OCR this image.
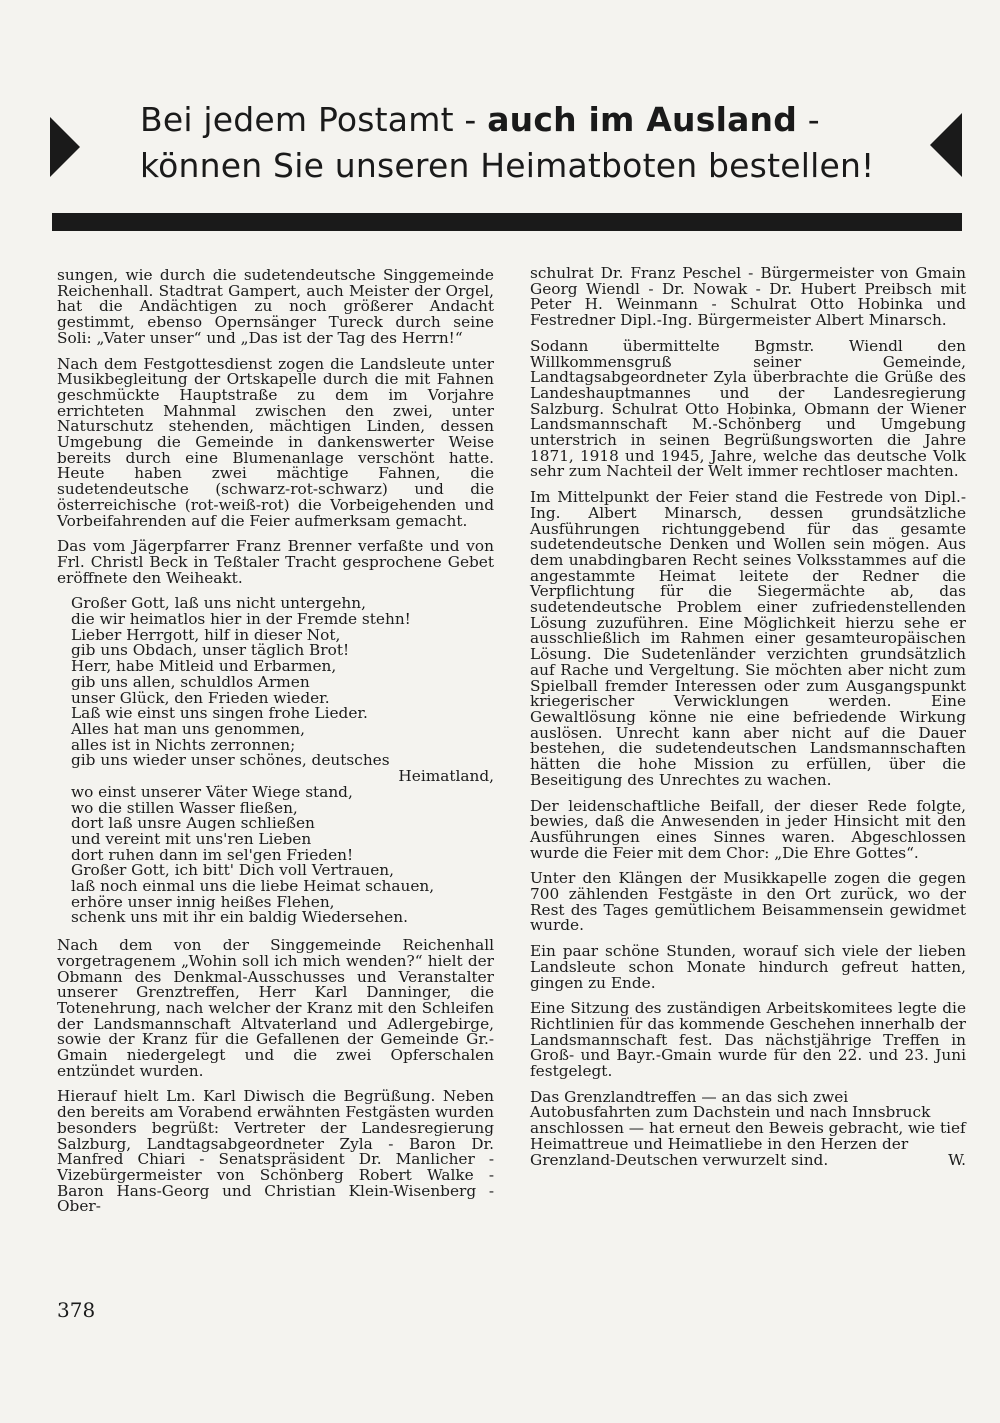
Bei jedem Postamt - auch im Ausland -
können Sie unseren Heimatboten bestellen!

sungen, wie durch die sudetendeutsche Singgemeinde Reichenhall. Stadtrat Gampert, auch Meister der Orgel, hat die Andächtigen zu noch größerer Andacht gestimmt, ebenso Opernsänger Tureck durch seine Soli: „Vater unser“ und „Das ist der Tag des Herrn!“

Nach dem Festgottesdienst zogen die Landsleute unter Musikbegleitung der Ortskapelle durch die mit Fahnen geschmückte Hauptstraße zu dem im Vorjahre errichteten Mahnmal zwischen den zwei, unter Naturschutz stehenden, mächtigen Linden, dessen Umgebung die Gemeinde in dankenswerter Weise bereits durch eine Blumenanlage verschönt hatte. Heute haben zwei mächtige Fahnen, die sudetendeutsche (schwarz-rot-schwarz) und die österreichische (rot-weiß-rot) die Vorbeigehenden und Vorbeifahrenden auf die Feier aufmerksam gemacht.

Das vom Jägerpfarrer Franz Brenner verfaßte und von Frl. Christl Beck in Teßtaler Tracht gesprochene Gebet eröffnete den Weiheakt.

Großer Gott, laß uns nicht untergehn,
die wir heimatlos hier in der Fremde stehn!
Lieber Herrgott, hilf in dieser Not,
gib uns Obdach, unser täglich Brot!
Herr, habe Mitleid und Erbarmen,
gib uns allen, schuldlos Armen
unser Glück, den Frieden wieder.
Laß wie einst uns singen frohe Lieder.
Alles hat man uns genommen,
alles ist in Nichts zerronnen;
gib uns wieder unser schönes, deutsches
Heimatland,
wo einst unserer Väter Wiege stand,
wo die stillen Wasser fließen,
dort laß unsre Augen schließen
und vereint mit uns'ren Lieben
dort ruhen dann im sel'gen Frieden!
Großer Gott, ich bitt' Dich voll Vertrauen,
laß noch einmal uns die liebe Heimat schauen,
erhöre unser innig heißes Flehen,
schenk uns mit ihr ein baldig Wiedersehen.

Nach dem von der Singgemeinde Reichenhall vorgetragenem „Wohin soll ich mich wenden?“ hielt der Obmann des Denkmal-Ausschusses und Veranstalter unserer Grenztreffen, Herr Karl Danninger, die Totenehrung, nach welcher der Kranz mit den Schleifen der Landsmannschaft Altvaterland und Adlergebirge, sowie der Kranz für die Gefallenen der Gemeinde Gr.-Gmain niedergelegt und die zwei Opferschalen entzündet wurden.

Hierauf hielt Lm. Karl Diwisch die Begrüßung. Neben den bereits am Vorabend erwähnten Festgästen wurden besonders begrüßt: Vertreter der Landesregierung Salzburg, Landtagsabgeordneter Zyla - Baron Dr. Manfred Chiari - Senatspräsident Dr. Manlicher - Vizebürgermeister von Schönberg Robert Walke - Baron Hans-Georg und Christian Klein-Wisenberg - Ober-

schulrat Dr. Franz Peschel - Bürgermeister von Gmain Georg Wiendl - Dr. Nowak - Dr. Hubert Preibsch mit Peter H. Weinmann - Schulrat Otto Hobinka und Festredner Dipl.-Ing. Bürgermeister Albert Minarsch.

Sodann übermittelte Bgmstr. Wiendl den Willkommensgruß seiner Gemeinde, Landtagsabgeordneter Zyla überbrachte die Grüße des Landeshauptmannes und der Landesregierung Salzburg. Schulrat Otto Hobinka, Obmann der Wiener Landsmannschaft M.-Schönberg und Umgebung unterstrich in seinen Begrüßungsworten die Jahre 1871, 1918 und 1945, Jahre, welche das deutsche Volk sehr zum Nachteil der Welt immer rechtloser machten.

Im Mittelpunkt der Feier stand die Festrede von Dipl.-Ing. Albert Minarsch, dessen grundsätzliche Ausführungen richtunggebend für das gesamte sudetendeutsche Denken und Wollen sein mögen. Aus dem unabdingbaren Recht seines Volksstammes auf die angestammte Heimat leitete der Redner die Verpflichtung für die Siegermächte ab, das sudetendeutsche Problem einer zufriedenstellenden Lösung zuzuführen. Eine Möglichkeit hierzu sehe er ausschließlich im Rahmen einer gesamteuropäischen Lösung. Die Sudetenländer verzichten grundsätzlich auf Rache und Vergeltung. Sie möchten aber nicht zum Spielball fremder Interessen oder zum Ausgangspunkt kriegerischer Verwicklungen werden. Eine Gewaltlösung könne nie eine befriedende Wirkung auslösen. Unrecht kann aber nicht auf die Dauer bestehen, die sudetendeutschen Landsmannschaften hätten die hohe Mission zu erfüllen, über die Beseitigung des Unrechtes zu wachen.

Der leidenschaftliche Beifall, der dieser Rede folgte, bewies, daß die Anwesenden in jeder Hinsicht mit den Ausführungen eines Sinnes waren. Abgeschlossen wurde die Feier mit dem Chor: „Die Ehre Gottes“.

Unter den Klängen der Musikkapelle zogen die gegen 700 zählenden Festgäste in den Ort zurück, wo der Rest des Tages gemütlichem Beisammensein gewidmet wurde.

Ein paar schöne Stunden, worauf sich viele der lieben Landsleute schon Monate hindurch gefreut hatten, gingen zu Ende.

Eine Sitzung des zuständigen Arbeitskomitees legte die Richtlinien für das kommende Geschehen innerhalb der Landsmannschaft fest. Das nächstjährige Treffen in Groß- und Bayr.-Gmain wurde für den 22. und 23. Juni festgelegt.

Das Grenzlandtreffen — an das sich zwei Autobusfahrten zum Dachstein und nach Innsbruck anschlossen — hat erneut den Beweis gebracht, wie tief Heimattreue und Heimatliebe in den Herzen der Grenzland-Deutschen verwurzelt sind.	W.

378
